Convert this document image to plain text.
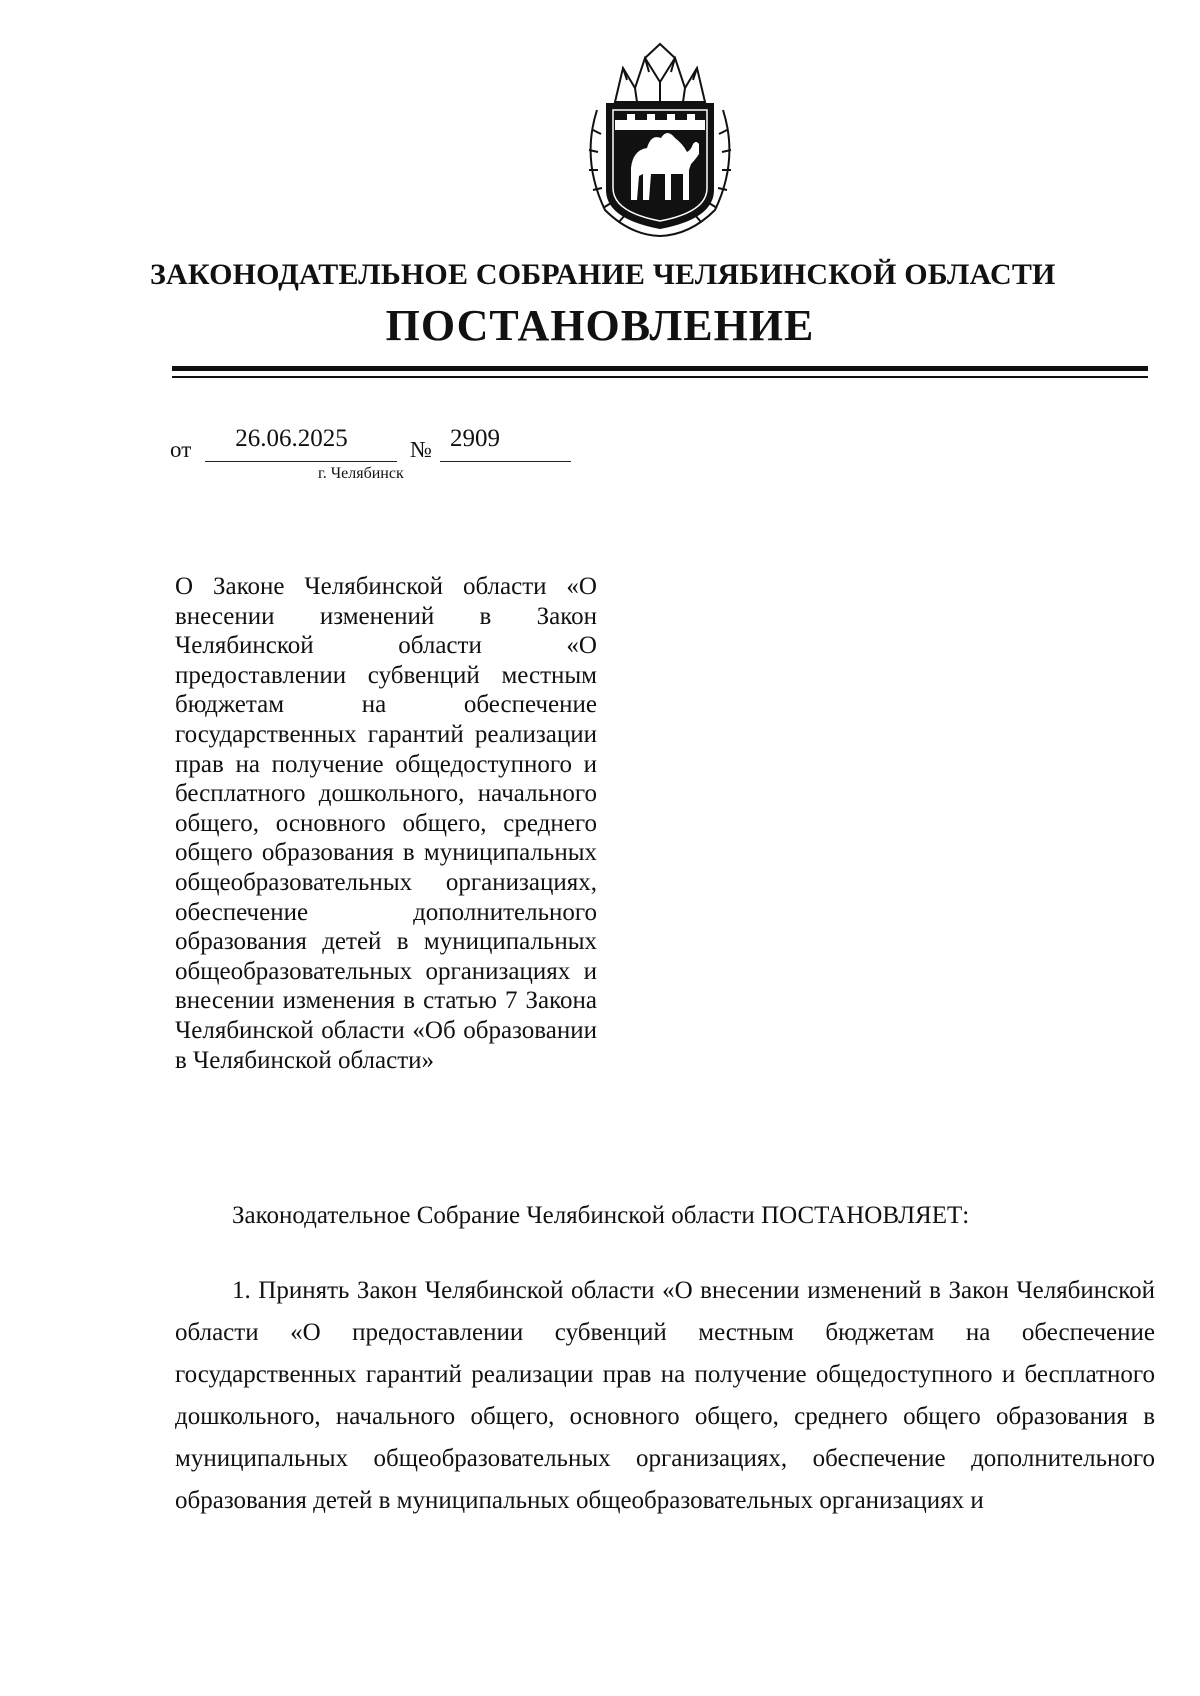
ЗАКОНОДАТЕЛЬНОЕ СОБРАНИЕ ЧЕЛЯБИНСКОЙ ОБЛАСТИ
ПОСТАНОВЛЕНИЕ
от	26.06.2025	№ 2909
г. Челябинск
О Законе Челябинской области «О внесении изменений в Закон Челябинской области «О предоставлении субвенций местным бюджетам на обеспечение государственных гарантий реализации прав на получение общедоступного и бесплатного дошкольного, начального общего, основного общего, среднего общего образования в муниципальных общеобразовательных организациях, обеспечение дополнительного образования детей в муниципальных общеобразовательных организациях и внесении изменения в статью 7 Закона Челябинской области «Об образовании в Челябинской области»
Законодательное Собрание Челябинской области ПОСТАНОВЛЯЕТ:
1. Принять Закон Челябинской области «О внесении изменений в Закон Челябинской области «О предоставлении субвенций местным бюджетам на обеспечение государственных гарантий реализации прав на получение общедоступного и бесплатного дошкольного, начального общего, основного общего, среднего общего образования в муниципальных общеобразовательных организациях, обеспечение дополнительного образования детей в муниципальных общеобразовательных организациях и
